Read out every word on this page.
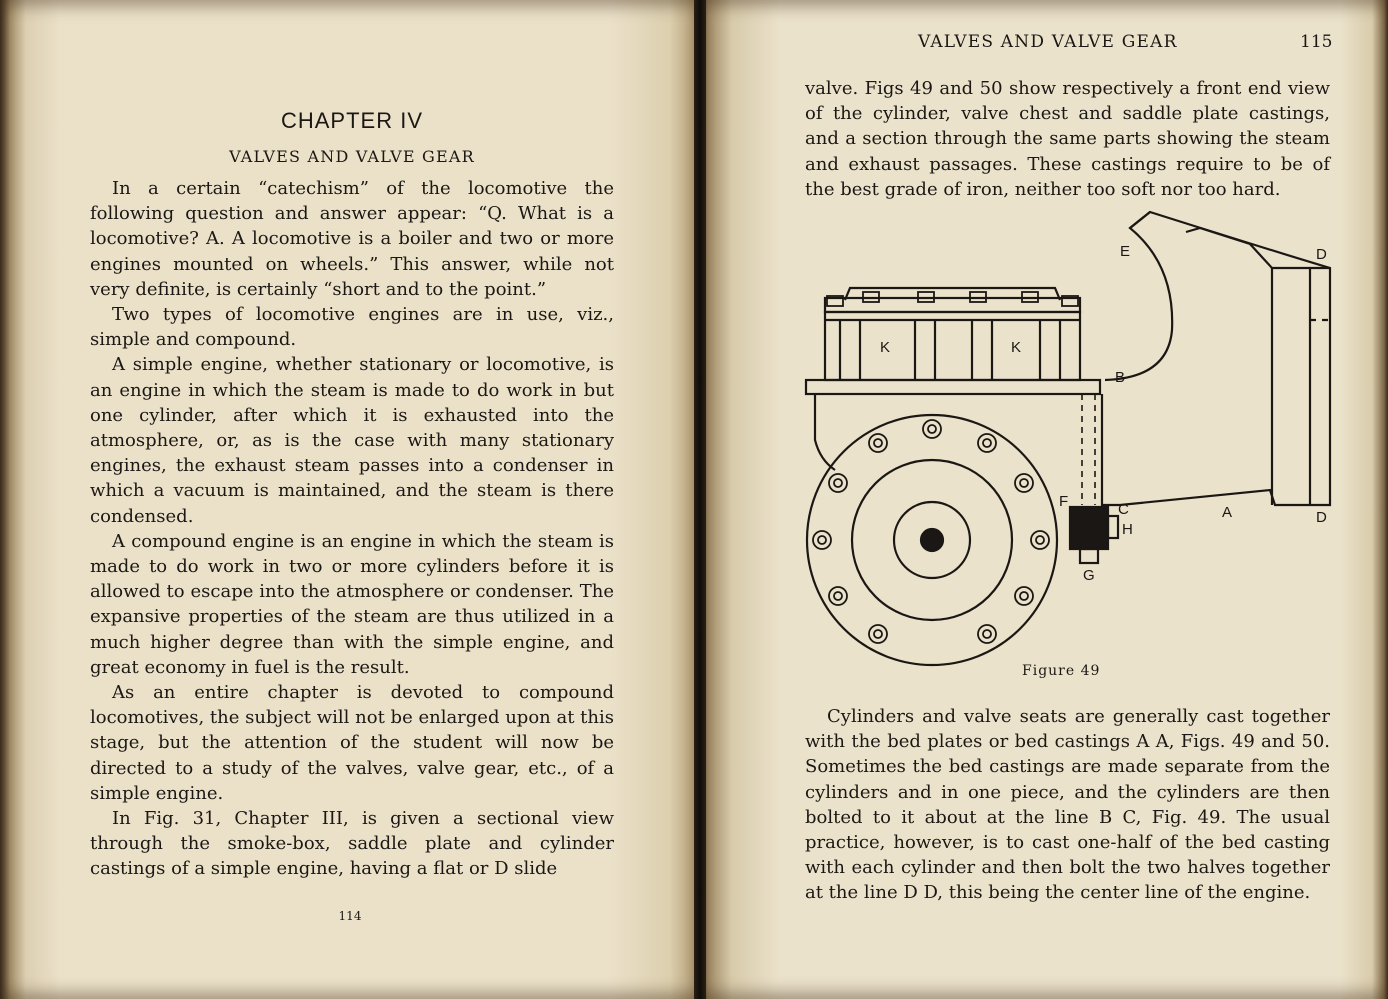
CHAPTER IV
VALVES AND VALVE GEAR

In a certain “catechism” of the locomotive the following question and answer appear: “Q. What is a locomotive? A. A locomotive is a boiler and two or more engines mounted on wheels.” This answer, while not very definite, is certainly “short and to the point.”

Two types of locomotive engines are in use, viz., simple and compound.

A simple engine, whether stationary or locomotive, is an engine in which the steam is made to do work in but one cylinder, after which it is exhausted into the atmosphere, or, as is the case with many stationary engines, the exhaust steam passes into a condenser in which a vacuum is maintained, and the steam is there condensed.

A compound engine is an engine in which the steam is made to do work in two or more cylinders before it is allowed to escape into the atmosphere or condenser. The expansive properties of the steam are thus utilized in a much higher degree than with the simple engine, and great economy in fuel is the result.

As an entire chapter is devoted to compound locomotives, the subject will not be enlarged upon at this stage, but the attention of the student will now be directed to a study of the valves, valve gear, etc., of a simple engine.

In Fig. 31, Chapter III, is given a sectional view through the smoke-box, saddle plate and cylinder castings of a simple engine, having a flat or D slide

114
VALVES AND VALVE GEAR	115

valve. Figs 49 and 50 show respectively a front end view of the cylinder, valve chest and saddle plate castings, and a section through the same parts showing the steam and exhaust passages. These castings require to be of the best grade of iron, neither too soft nor too hard.

E	D
K	K
B
F	C
H
A	D
G
Figure 49

Cylinders and valve seats are generally cast together with the bed plates or bed castings A A, Figs. 49 and 50. Sometimes the bed castings are made separate from the cylinders and in one piece, and the cylinders are then bolted to it about at the line B C, Fig. 49. The usual practice, however, is to cast one-half of the bed casting with each cylinder and then bolt the two halves together at the line D D, this being the center line of the engine.
